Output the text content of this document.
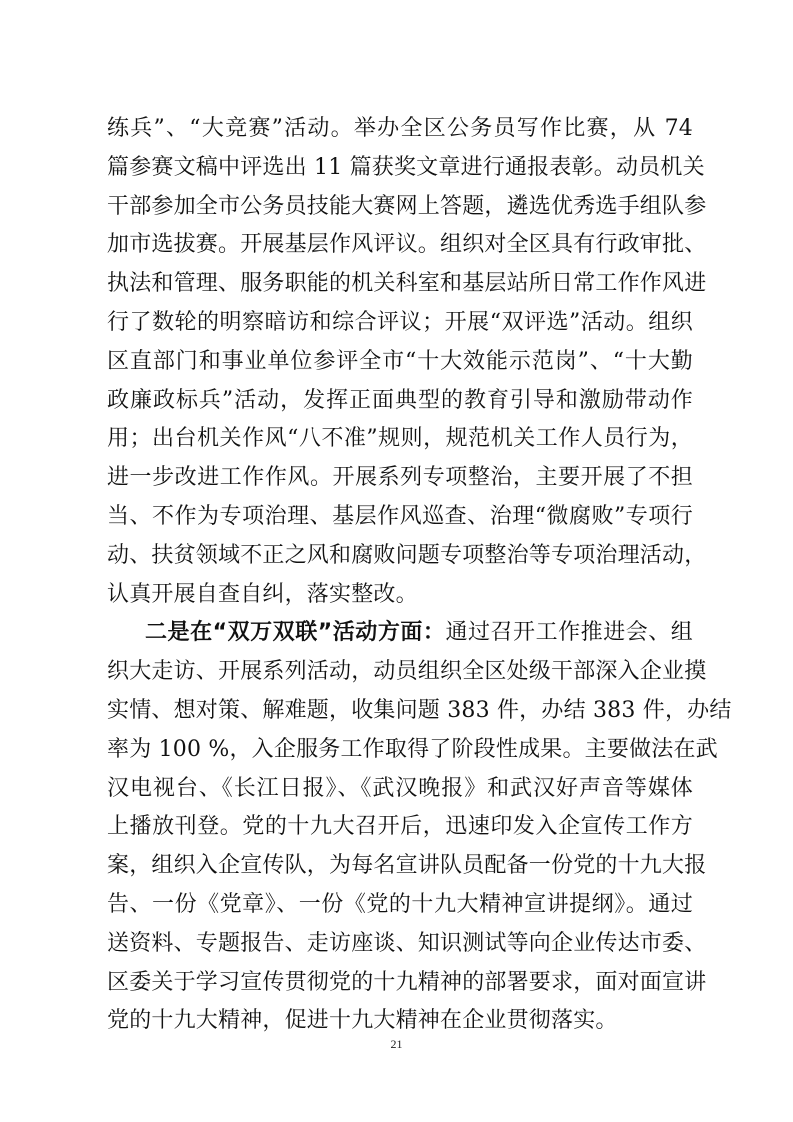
练兵”、“大竞赛”活动。举办全区公务员写作比赛，从 74
篇参赛文稿中评选出 11 篇获奖文章进行通报表彰。动员机关
干部参加全市公务员技能大赛网上答题，遴选优秀选手组队参
加市选拔赛。开展基层作风评议。组织对全区具有行政审批、
执法和管理、服务职能的机关科室和基层站所日常工作作风进
行了数轮的明察暗访和综合评议；开展“双评选”活动。组织
区直部门和事业单位参评全市“十大效能示范岗”、“十大勤
政廉政标兵”活动，发挥正面典型的教育引导和激励带动作
用；出台机关作风“八不准”规则，规范机关工作人员行为，
进一步改进工作作风。开展系列专项整治，主要开展了不担
当、不作为专项治理、基层作风巡查、治理“微腐败”专项行
动、扶贫领域不正之风和腐败问题专项整治等专项治理活动，
认真开展自查自纠，落实整改。
二是在“双万双联”活动方面：通过召开工作推进会、组
织大走访、开展系列活动，动员组织全区处级干部深入企业摸
实情、想对策、解难题，收集问题 383 件，办结 383 件，办结
率为 100 %，入企服务工作取得了阶段性成果。主要做法在武
汉电视台、《长江日报》、《武汉晚报》和武汉好声音等媒体
上播放刊登。党的十九大召开后，迅速印发入企宣传工作方
案，组织入企宣传队，为每名宣讲队员配备一份党的十九大报
告、一份《党章》、一份《党的十九大精神宣讲提纲》。通过
送资料、专题报告、走访座谈、知识测试等向企业传达市委、
区委关于学习宣传贯彻党的十九精神的部署要求，面对面宣讲
党的十九大精神，促进十九大精神在企业贯彻落实。
21
